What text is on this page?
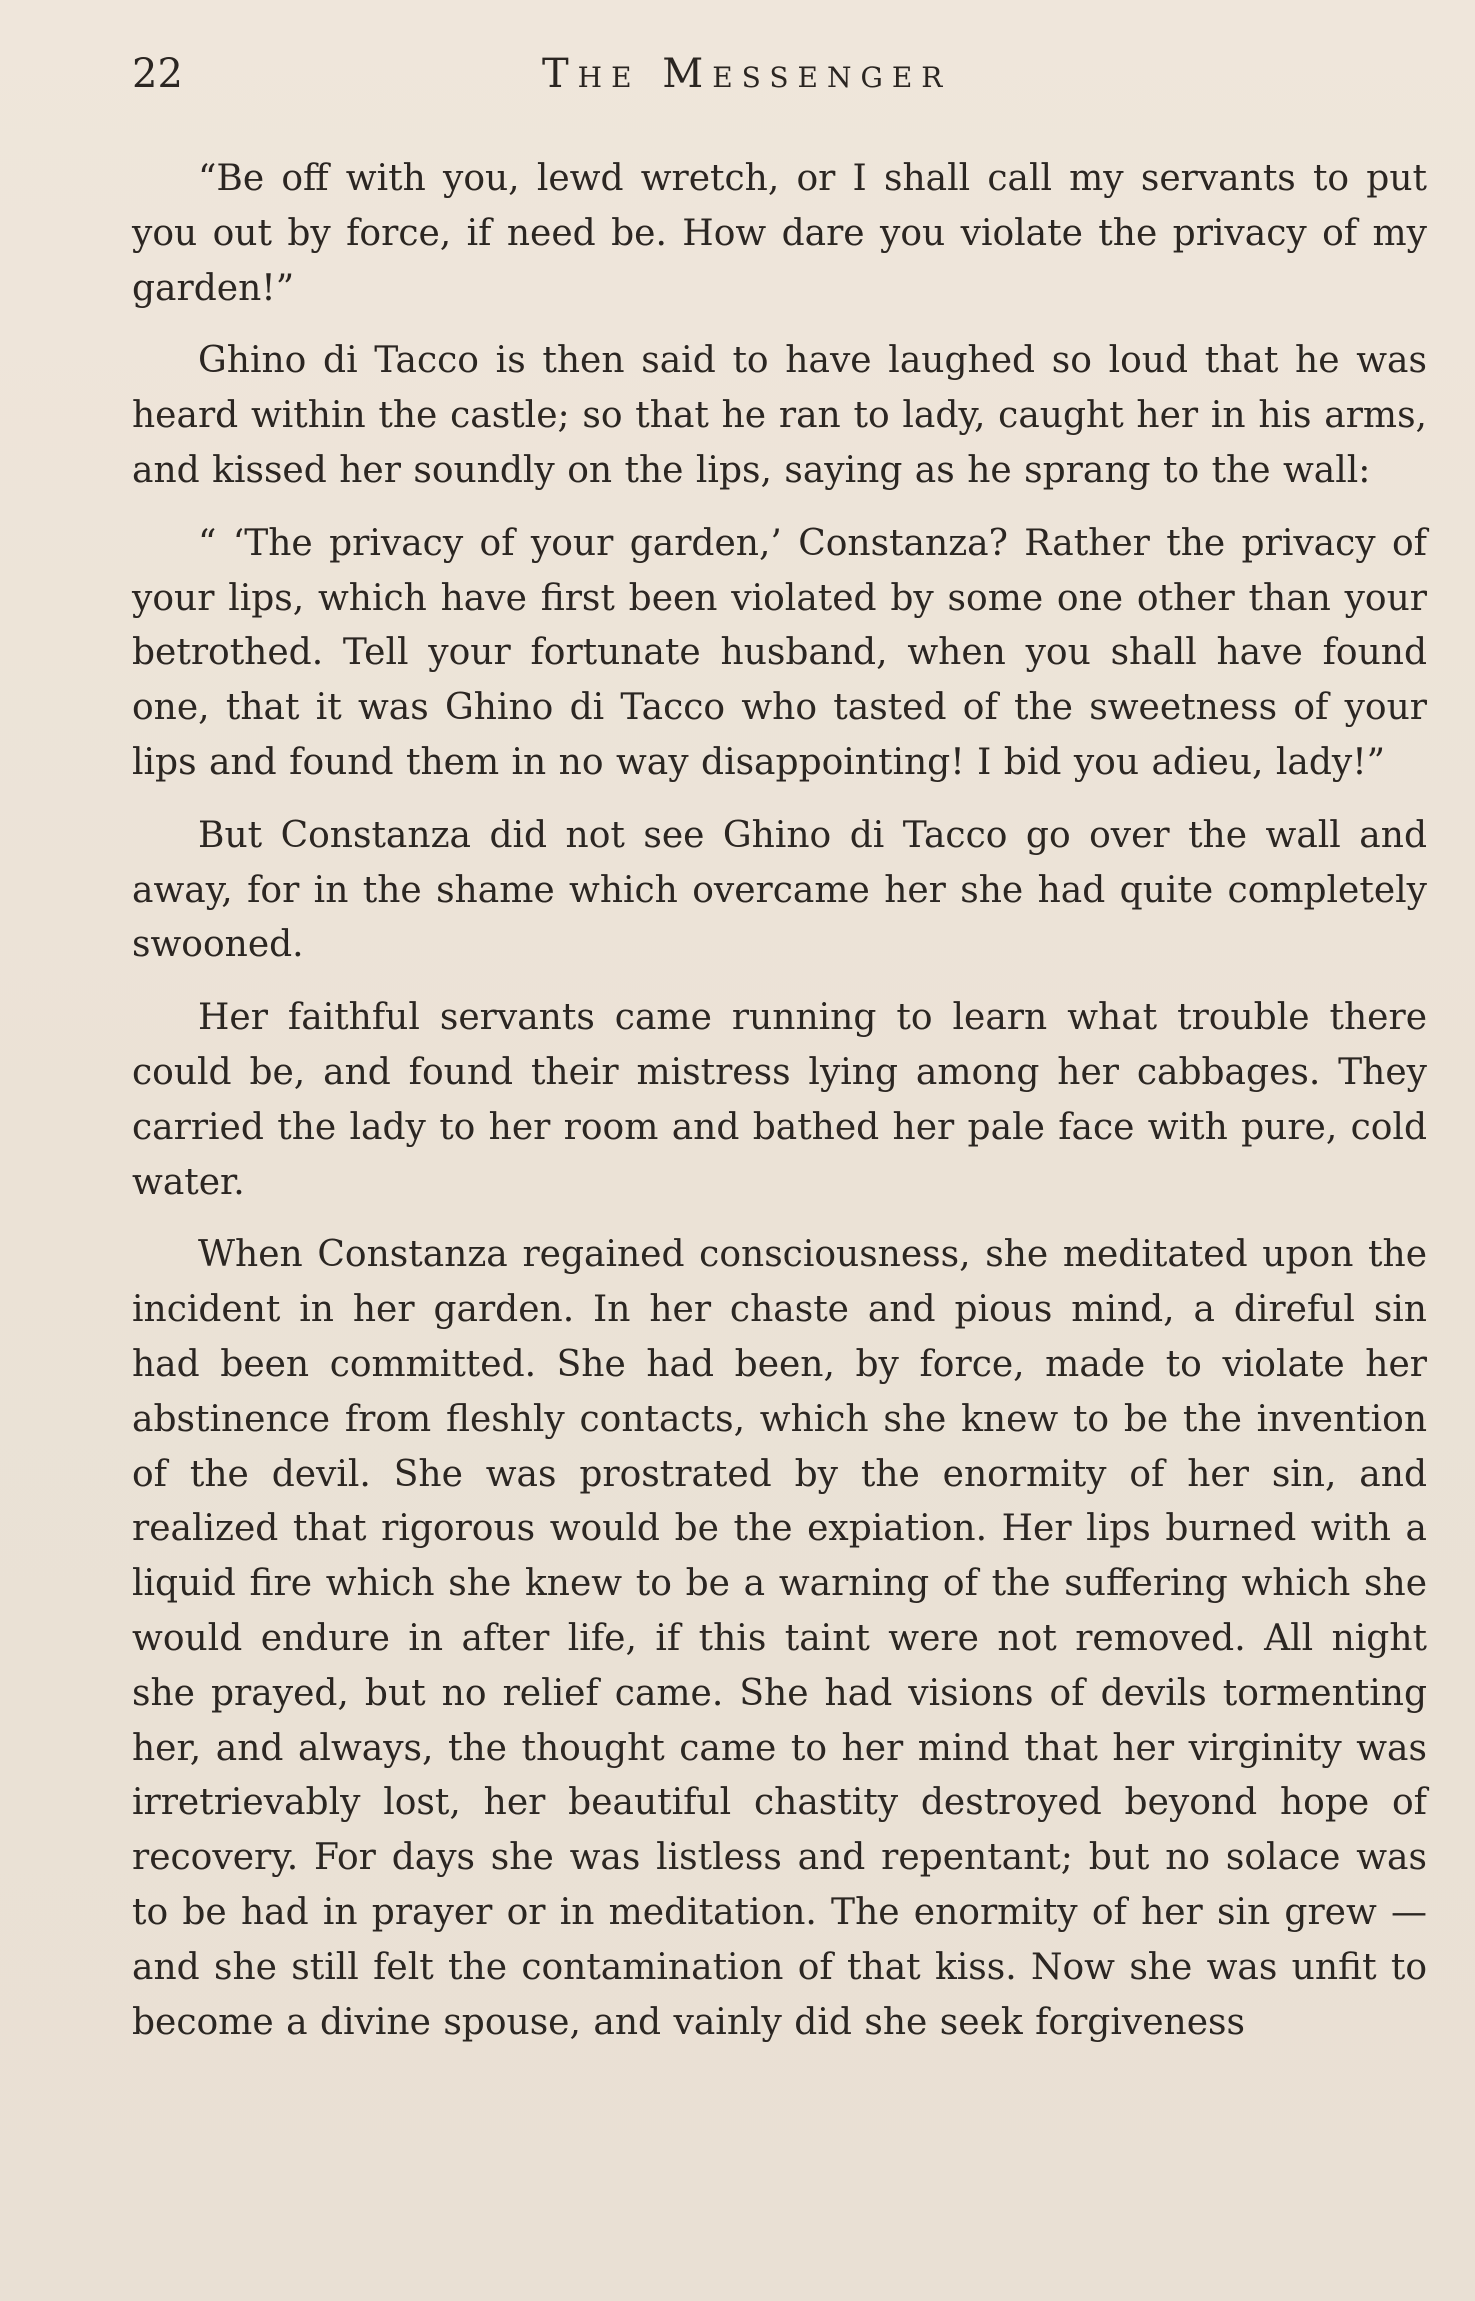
22	The Messenger

“Be off with you, lewd wretch, or I shall call my servants to put you out by force, if need be. How dare you violate the privacy of my garden!”

Ghino di Tacco is then said to have laughed so loud that he was heard within the castle; so that he ran to lady, caught her in his arms, and kissed her soundly on the lips, saying as he sprang to the wall:

“ ‘The privacy of your garden,’ Constanza? Rather the privacy of your lips, which have first been violated by some one other than your betrothed. Tell your fortunate husband, when you shall have found one, that it was Ghino di Tacco who tasted of the sweetness of your lips and found them in no way disappointing! I bid you adieu, lady!”

But Constanza did not see Ghino di Tacco go over the wall and away, for in the shame which overcame her she had quite completely swooned.

Her faithful servants came running to learn what trouble there could be, and found their mistress lying among her cabbages. They carried the lady to her room and bathed her pale face with pure, cold water.

When Constanza regained consciousness, she meditated upon the incident in her garden. In her chaste and pious mind, a direful sin had been committed. She had been, by force, made to violate her abstinence from fleshly contacts, which she knew to be the invention of the devil. She was prostrated by the enormity of her sin, and realized that rigorous would be the expiation. Her lips burned with a liquid fire which she knew to be a warning of the suffering which she would endure in after life, if this taint were not removed. All night she prayed, but no relief came. She had visions of devils tormenting her, and always, the thought came to her mind that her virginity was irretrievably lost, her beautiful chastity destroyed beyond hope of recovery. For days she was listless and repentant; but no solace was to be had in prayer or in meditation. The enormity of her sin grew — and she still felt the contamination of that kiss. Now she was unfit to become a divine spouse, and vainly did she seek forgiveness
